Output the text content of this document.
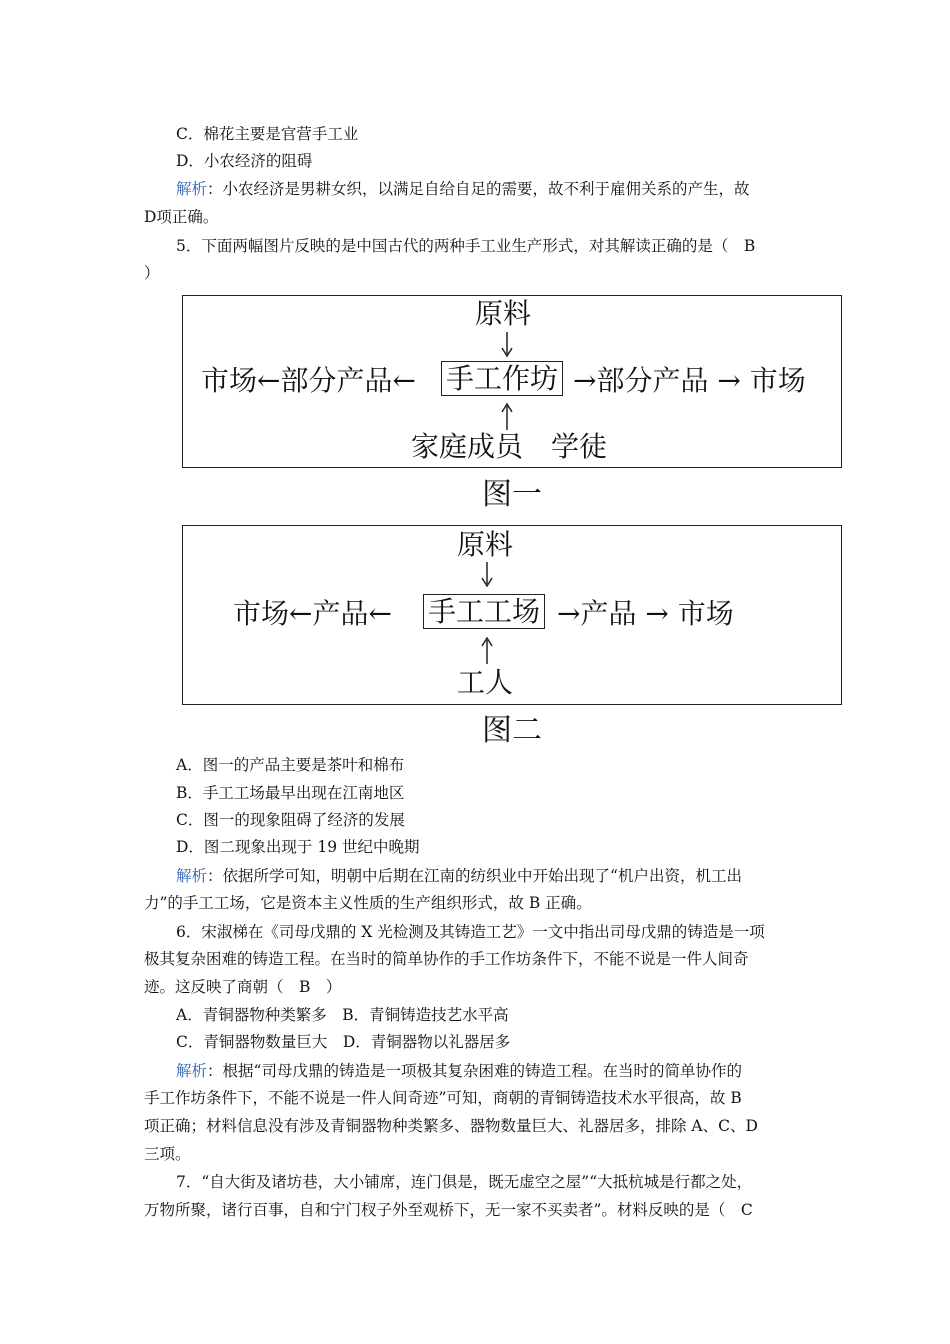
C．棉花主要是官营手工业
D．小农经济的阻碍
解析：小农经济是男耕女织，以满足自给自足的需要，故不利于雇佣关系的产生，故
D项正确。
5．下面两幅图片反映的是中国古代的两种手工业生产形式，对其解读正确的是（　B
）
原料
市场←部分产品← 手工作坊 →部分产品 → 市场
家庭成员　学徒
图一
原料
市场←产品← 手工工场 →产品 → 市场
工人
图二
A．图一的产品主要是茶叶和棉布
B．手工工场最早出现在江南地区
C．图一的现象阻碍了经济的发展
D．图二现象出现于 19 世纪中晚期
解析：依据所学可知，明朝中后期在江南的纺织业中开始出现了“机户出资，机工出
力”的手工工场，它是资本主义性质的生产组织形式，故 B 正确。
6．宋淑梯在《司母戊鼎的 X 光检测及其铸造工艺》一文中指出司母戊鼎的铸造是一项
极其复杂困难的铸造工程。在当时的简单协作的手工作坊条件下，不能不说是一件人间奇
迹。这反映了商朝（　B　）
A．青铜器物种类繁多　B．青铜铸造技艺水平高
C．青铜器物数量巨大　D．青铜器物以礼器居多
解析：根据“司母戊鼎的铸造是一项极其复杂困难的铸造工程。在当时的简单协作的
手工作坊条件下，不能不说是一件人间奇迹”可知，商朝的青铜铸造技术水平很高，故 B
项正确；材料信息没有涉及青铜器物种类繁多、器物数量巨大、礼器居多，排除 A、C、D
三项。
7．“自大街及诸坊巷，大小铺席，连门俱是，既无虚空之屋”“大抵杭城是行都之处，
万物所聚，诸行百事，自和宁门杈子外至观桥下，无一家不买卖者”。材料反映的是（　C
